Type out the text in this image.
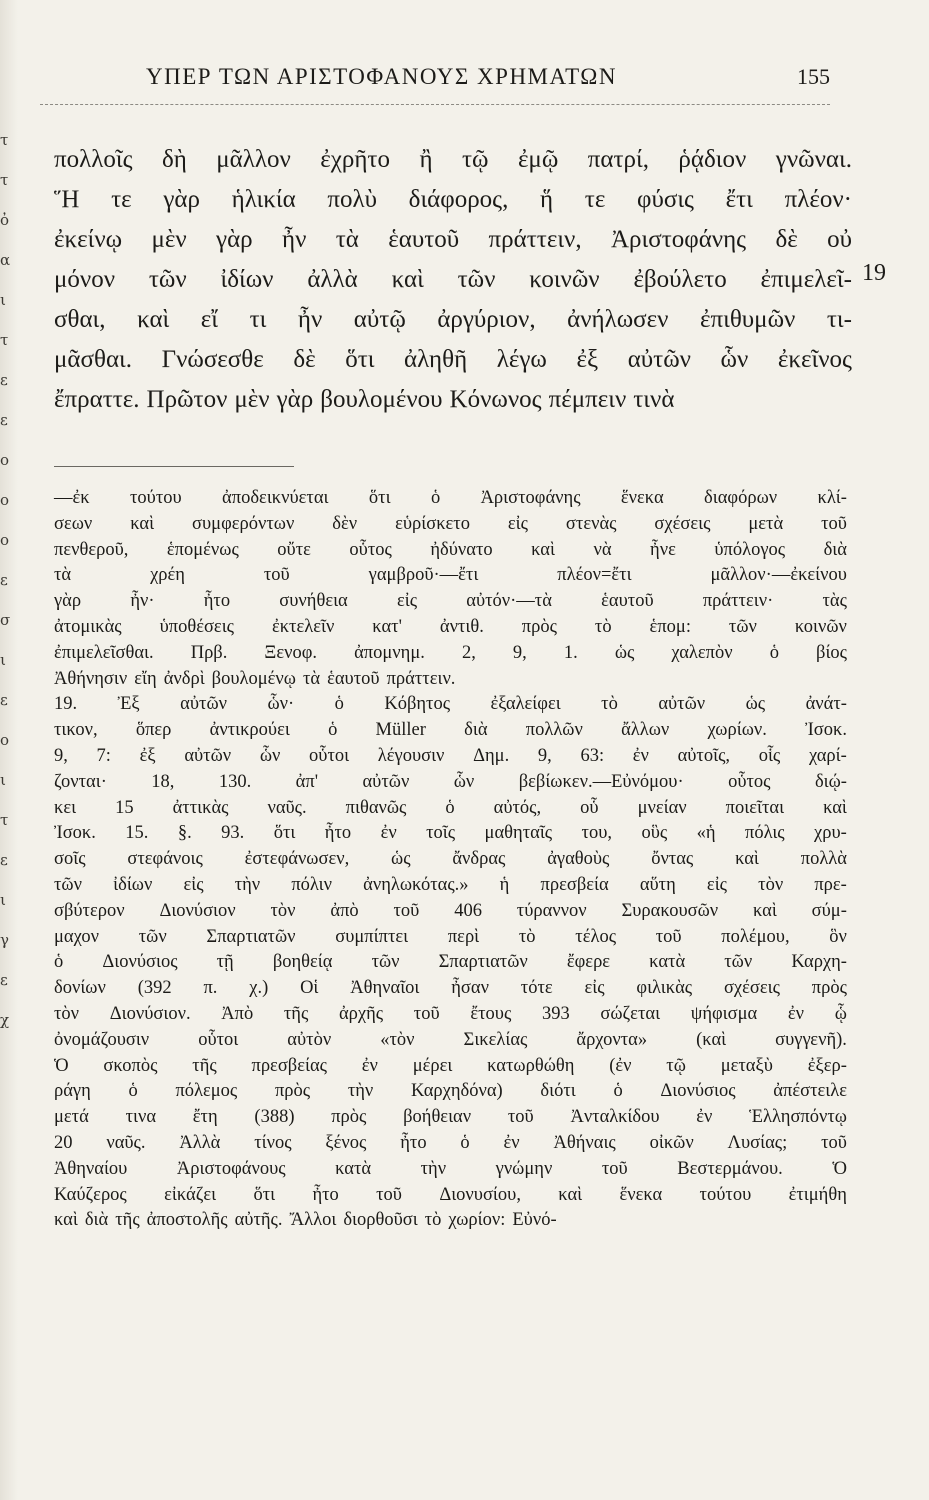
τ
τ
ὀ
α
ι
τ
ε
ε
ο
ο
ο
ε
σ
ι
ε
ο
ι
τ
ε
ι
γ
ε
χ
ΥΠΕΡ ΤΩΝ ΑΡΙΣΤΟΦΑΝΟΥΣ ΧΡΗΜΑΤΩΝ	155
πολλοῖς δὴ μᾶλλον ἐχρῆτο ἢ τῷ ἐμῷ πατρί, ῥᾴδιον γνῶναι.
Ἥ τε γὰρ ἡλικία πολὺ διάφορος, ἥ τε φύσις ἔτι πλέον·
ἐκείνῳ μὲν γὰρ ἦν τὰ ἑαυτοῦ πράττειν, Ἀριστοφάνης δὲ οὐ
μόνον τῶν ἰδίων ἀλλὰ καὶ τῶν κοινῶν ἐβούλετο ἐπιμελεῖ-
σθαι, καὶ εἴ τι ἦν αὐτῷ ἀργύριον, ἀνήλωσεν ἐπιθυμῶν τι-
μᾶσθαι. Γνώσεσθε δὲ ὅτι ἀληθῆ λέγω ἐξ αὐτῶν ὧν ἐκεῖνος
ἔπραττε. Πρῶτον μὲν γὰρ βουλομένου Κόνωνος πέμπειν τινὰ
19
—ἐκ τούτου ἀποδεικνύεται ὅτι ὁ Ἀριστοφάνης ἕνεκα διαφόρων κλί-
σεων καὶ συμφερόντων δὲν εὑρίσκετο εἰς στενὰς σχέσεις μετὰ τοῦ
πενθεροῦ, ἑπομένως οὔτε οὗτος ἠδύνατο καὶ νὰ ἦνε ὑπόλογος διὰ
τὰ	χρέη	τοῦ	γαμβροῦ·—ἔτι	πλέον=ἔτι	μᾶλλον·—ἐκείνου
γὰρ	ἦν·	ἦτο	συνήθεια	εἰς	αὐτόν·—τὰ	ἑαυτοῦ	πράττειν·	τὰς
ἀτομικὰς ὑποθέσεις ἐκτελεῖν κατ' ἀντιθ. πρὸς τὸ ἑπομ: τῶν κοινῶν
ἐπιμελεῖσθαι. Πρβ. Ξενοφ. ἀπομνημ. 2, 9, 1. ὡς χαλεπὸν ὁ βίος
Ἀθήνησιν εἴη ἀνδρὶ βουλομένῳ τὰ ἑαυτοῦ πράττειν.
19. Ἐξ αὐτῶν ὧν· ὁ Κόβητος ἐξαλείφει τὸ αὐτῶν ὡς ἀνάτ-
τικον, ὅπερ ἀντικρούει ὁ Müller διὰ πολλῶν ἄλλων χωρίων. Ἰσοκ.
9, 7: ἐξ αὐτῶν ὧν οὗτοι λέγουσιν Δημ. 9, 63: ἐν αὐτοῖς, οἷς χαρί-
ζονται· 18, 130. ἀπ' αὐτῶν ὧν βεβίωκεν.—Εὐνόμου· οὗτος διῴ-
κει 15 ἀττικὰς ναῦς. πιθανῶς ὁ αὐτός, οὗ μνείαν ποιεῖται καὶ
Ἰσοκ. 15. §. 93. ὅτι ἦτο ἐν τοῖς μαθηταῖς του, οὓς «ἡ πόλις χρυ-
σοῖς στεφάνοις ἐστεφάνωσεν, ὡς ἄνδρας ἀγαθοὺς ὄντας καὶ πολλὰ
τῶν ἰδίων εἰς τὴν πόλιν ἀνηλωκότας.» ἡ πρεσβεία αὕτη εἰς τὸν πρε-
σβύτερον Διονύσιον τὸν ἀπὸ τοῦ 406 τύραννον Συρακουσῶν καὶ σύμ-
μαχον τῶν Σπαρτιατῶν συμπίπτει περὶ τὸ τέλος τοῦ πολέμου, ὃν
ὁ Διονύσιος τῇ βοηθείᾳ τῶν Σπαρτιατῶν ἔφερε κατὰ τῶν Καρχη-
δονίων (392 π. χ.) Οἱ Ἀθηναῖοι ἦσαν τότε εἰς φιλικὰς σχέσεις πρὸς
τὸν Διονύσιον. Ἀπὸ τῆς ἀρχῆς τοῦ ἔτους 393 σώζεται ψήφισμα ἐν ᾧ
ὀνομάζουσιν	οὗτοι	αὐτὸν	«τὸν	Σικελίας	ἄρχοντα»	(καὶ	συγγενῆ).
Ὁ σκοπὸς τῆς πρεσβείας ἐν μέρει κατωρθώθη (ἐν τῷ μεταξὺ ἐξερ-
ράγη ὁ πόλεμος πρὸς τὴν Καρχηδόνα) διότι ὁ Διονύσιος ἀπέστειλε
μετά τινα ἔτη (388) πρὸς βοήθειαν τοῦ Ἀνταλκίδου ἐν Ἑλλησπόντῳ
20 ναῦς. Ἀλλὰ τίνος ξένος ἦτο ὁ ἐν Ἀθήναις οἰκῶν Λυσίας; τοῦ
Ἀθηναίου	Ἀριστοφάνους	κατὰ	τὴν	γνώμην	τοῦ	Βεστερμάνου.	Ὁ
Καύζερος εἰκάζει ὅτι ἦτο τοῦ Διονυσίου, καὶ ἕνεκα τούτου ἐτιμήθη
καὶ διὰ τῆς ἀποστολῆς αὐτῆς. Ἄλλοι διορθοῦσι τὸ χωρίον: Εὐνό-
